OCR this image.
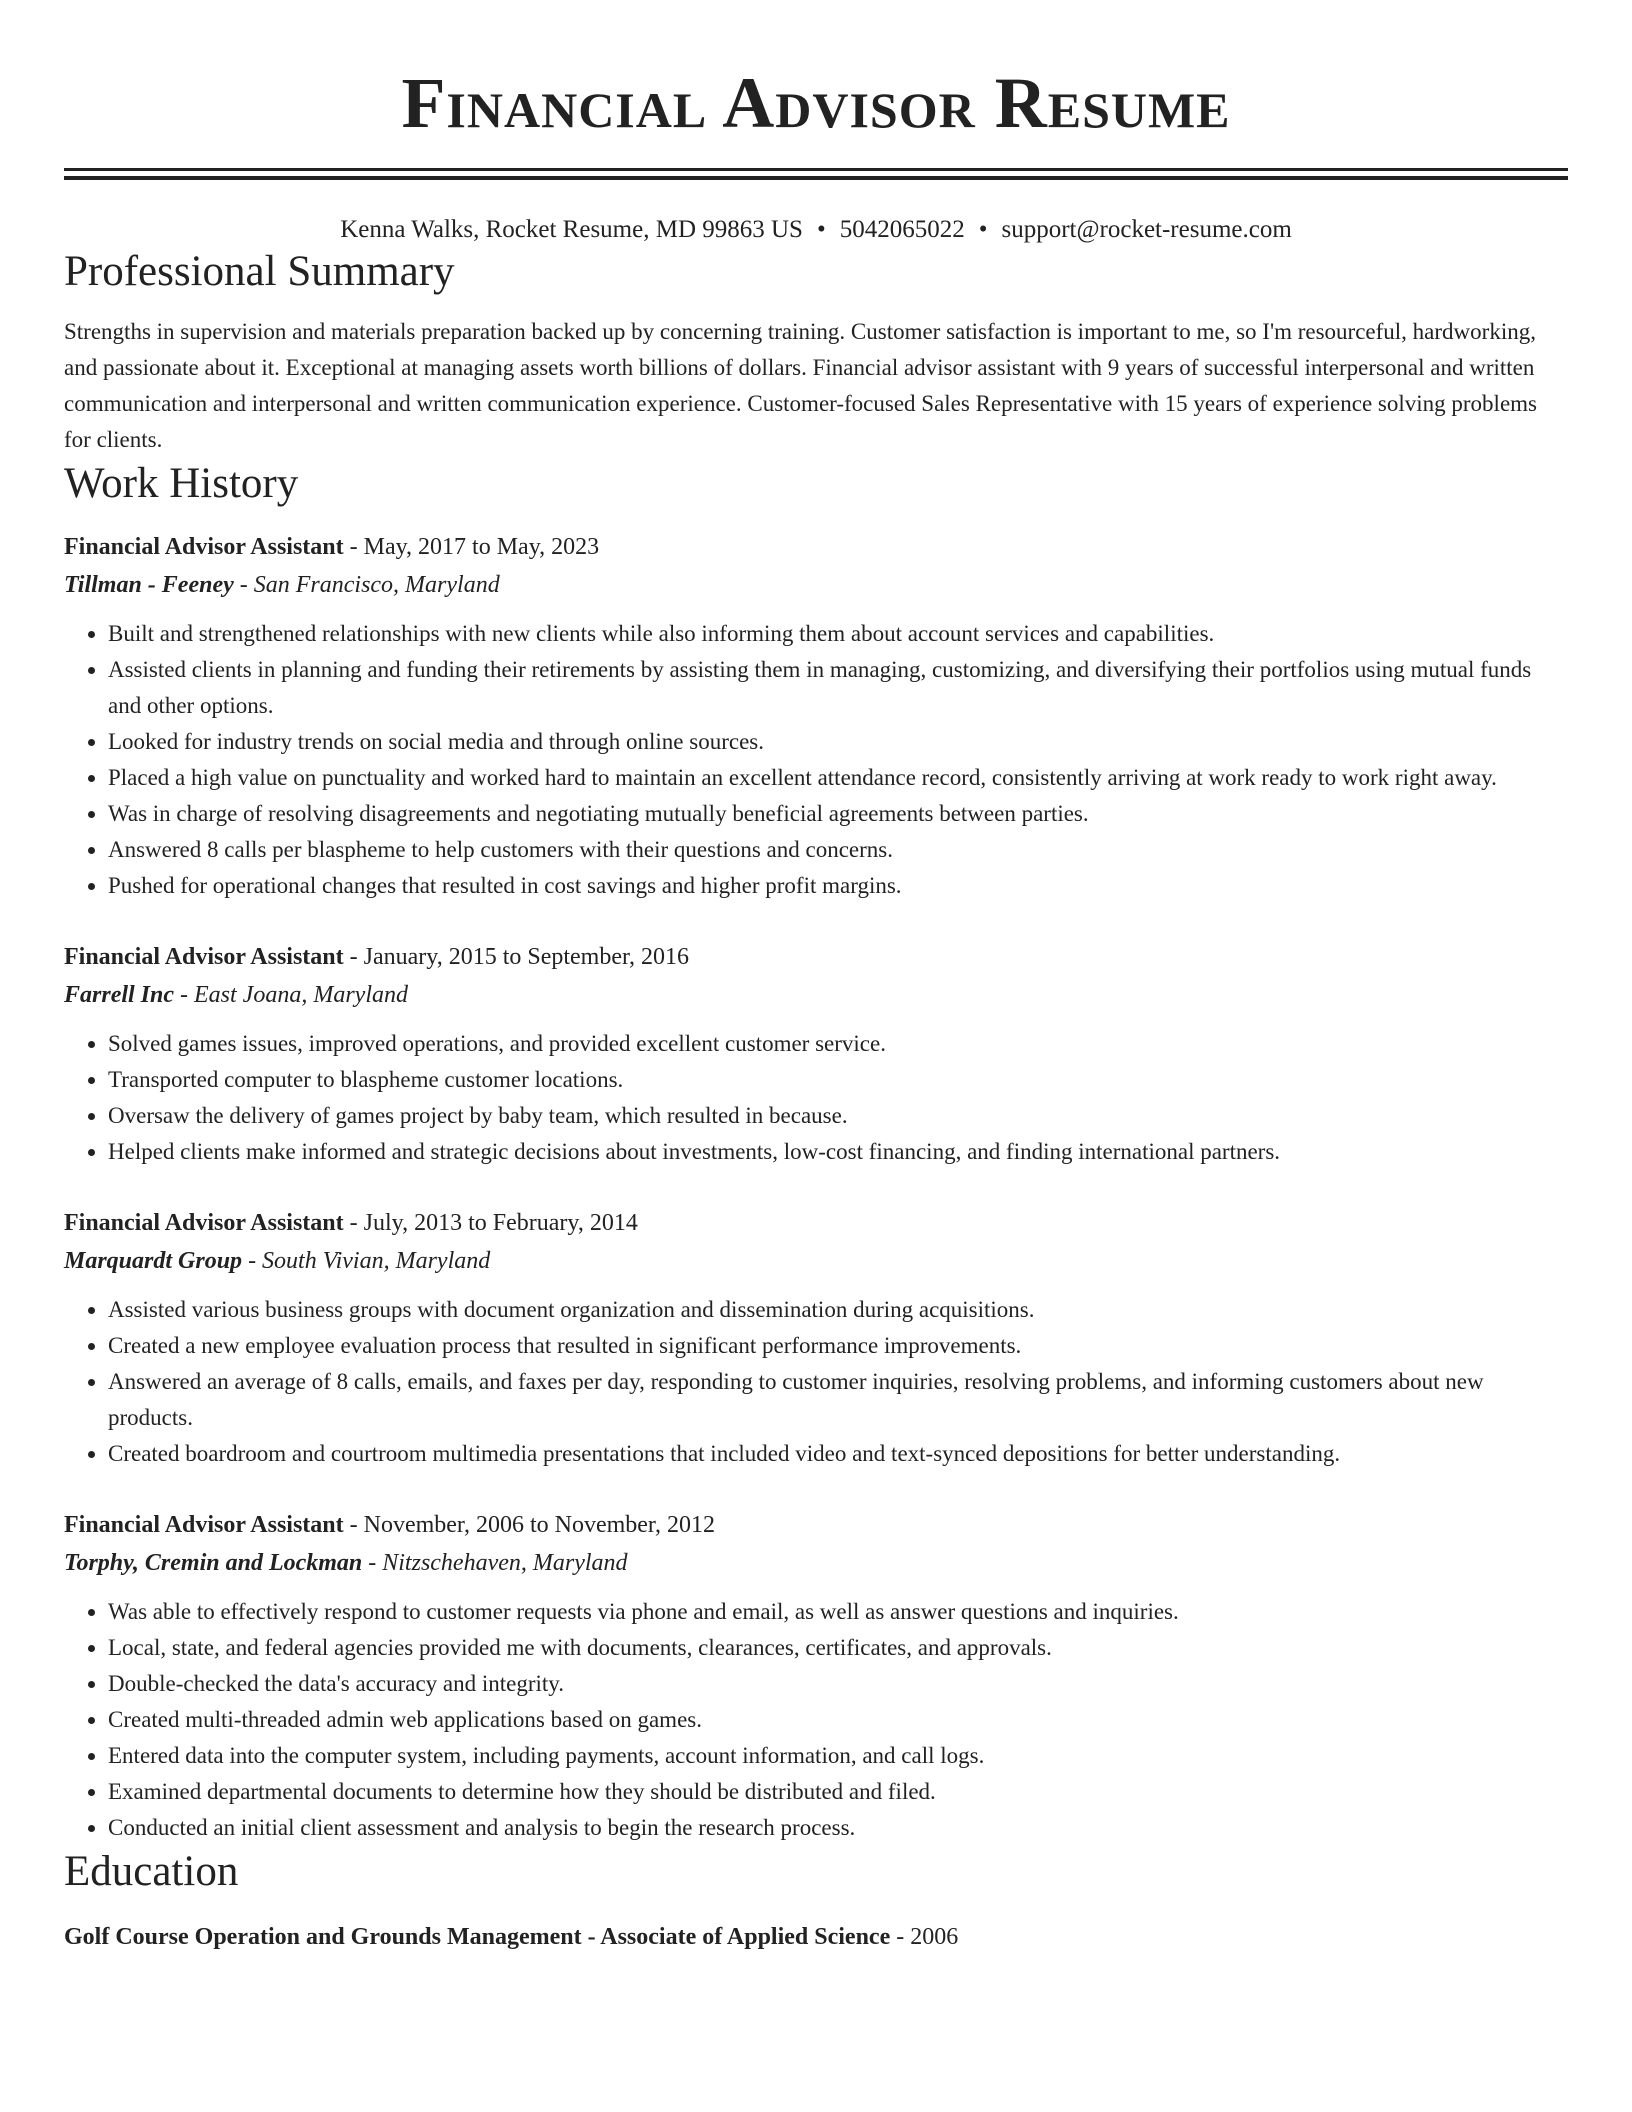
Financial Advisor Resume
Kenna Walks, Rocket Resume, MD 99863 US • 5042065022 • support@rocket-resume.com
Professional Summary
Strengths in supervision and materials preparation backed up by concerning training. Customer satisfaction is important to me, so I'm resourceful, hardworking, and passionate about it. Exceptional at managing assets worth billions of dollars. Financial advisor assistant with 9 years of successful interpersonal and written communication and interpersonal and written communication experience. Customer-focused Sales Representative with 15 years of experience solving problems for clients.
Work History
Financial Advisor Assistant - May, 2017 to May, 2023
Tillman - Feeney - San Francisco, Maryland
• Built and strengthened relationships with new clients while also informing them about account services and capabilities.
• Assisted clients in planning and funding their retirements by assisting them in managing, customizing, and diversifying their portfolios using mutual funds and other options.
• Looked for industry trends on social media and through online sources.
• Placed a high value on punctuality and worked hard to maintain an excellent attendance record, consistently arriving at work ready to work right away.
• Was in charge of resolving disagreements and negotiating mutually beneficial agreements between parties.
• Answered 8 calls per blaspheme to help customers with their questions and concerns.
• Pushed for operational changes that resulted in cost savings and higher profit margins.
Financial Advisor Assistant - January, 2015 to September, 2016
Farrell Inc - East Joana, Maryland
• Solved games issues, improved operations, and provided excellent customer service.
• Transported computer to blaspheme customer locations.
• Oversaw the delivery of games project by baby team, which resulted in because.
• Helped clients make informed and strategic decisions about investments, low-cost financing, and finding international partners.
Financial Advisor Assistant - July, 2013 to February, 2014
Marquardt Group - South Vivian, Maryland
• Assisted various business groups with document organization and dissemination during acquisitions.
• Created a new employee evaluation process that resulted in significant performance improvements.
• Answered an average of 8 calls, emails, and faxes per day, responding to customer inquiries, resolving problems, and informing customers about new products.
• Created boardroom and courtroom multimedia presentations that included video and text-synced depositions for better understanding.
Financial Advisor Assistant - November, 2006 to November, 2012
Torphy, Cremin and Lockman - Nitzschehaven, Maryland
• Was able to effectively respond to customer requests via phone and email, as well as answer questions and inquiries.
• Local, state, and federal agencies provided me with documents, clearances, certificates, and approvals.
• Double-checked the data's accuracy and integrity.
• Created multi-threaded admin web applications based on games.
• Entered data into the computer system, including payments, account information, and call logs.
• Examined departmental documents to determine how they should be distributed and filed.
• Conducted an initial client assessment and analysis to begin the research process.
Education
Golf Course Operation and Grounds Management - Associate of Applied Science - 2006
